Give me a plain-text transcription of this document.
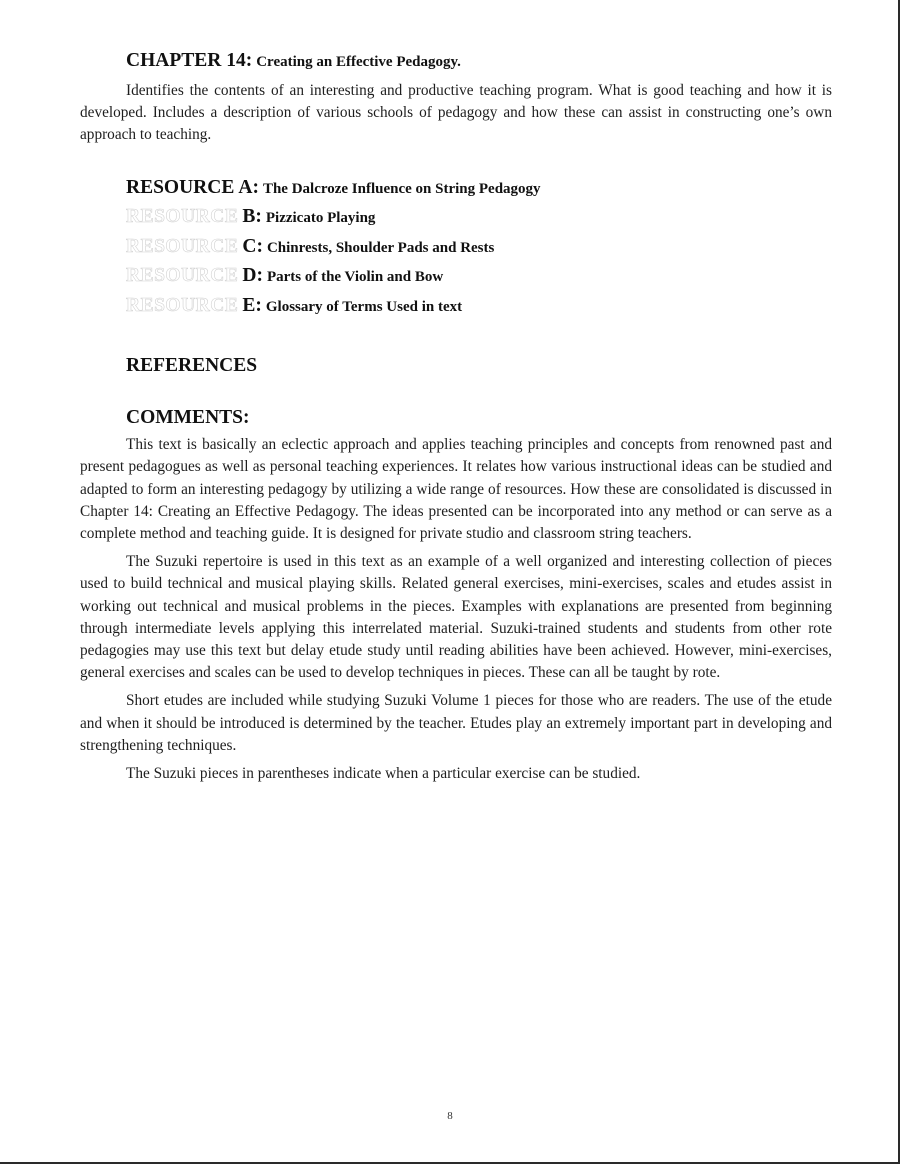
CHAPTER 14: Creating an Effective Pedagogy.

Identifies the contents of an interesting and productive teaching program. What is good teaching and how it is developed. Includes a description of various schools of pedagogy and how these can assist in constructing one’s own approach to teaching.

RESOURCE A: The Dalcroze Influence on String Pedagogy
RESOURCE B: Pizzicato Playing
RESOURCE C: Chinrests, Shoulder Pads and Rests
RESOURCE D: Parts of the Violin and Bow
RESOURCE E: Glossary of Terms Used in text
REFERENCES
COMMENTS:

This text is basically an eclectic approach and applies teaching principles and concepts from renowned past and present pedagogues as well as personal teaching experiences. It relates how various instructional ideas can be studied and adapted to form an interesting pedagogy by utilizing a wide range of resources. How these are consolidated is discussed in Chapter 14: Creating an Effective Pedagogy. The ideas presented can be incorporated into any method or can serve as a complete method and teaching guide. It is designed for private studio and classroom string teachers.

The Suzuki repertoire is used in this text as an example of a well organized and interesting collection of pieces used to build technical and musical playing skills. Related general exercises, mini-exercises, scales and etudes assist in working out technical and musical problems in the pieces. Examples with explanations are presented from beginning through intermediate levels applying this interrelated material. Suzuki-trained students and students from other rote pedagogies may use this text but delay etude study until reading abilities have been achieved. However, mini-exercises, general exercises and scales can be used to develop techniques in pieces. These can all be taught by rote.

Short etudes are included while studying Suzuki Volume 1 pieces for those who are readers. The use of the etude and when it should be introduced is determined by the teacher. Etudes play an extremely important part in developing and strengthening techniques.

The Suzuki pieces in parentheses indicate when a particular exercise can be studied.

8
